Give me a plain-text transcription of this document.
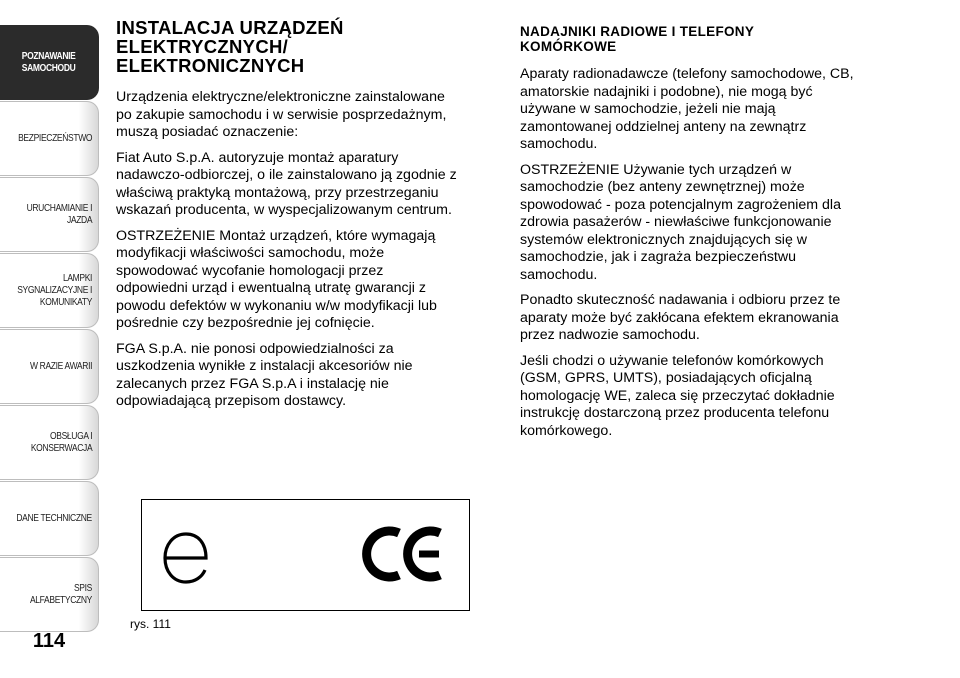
POZNAWANIE
SAMOCHODU
BEZPIECZEŃSTWO
URUCHAMIANIE I
JAZDA
LAMPKI
SYGNALIZACYJNE I
KOMUNIKATY
W RAZIE AWARII
OBSŁUGA I
KONSERWACJA
DANE TECHNICZNE
SPIS ALFABETYCZNY
114
INSTALACJA URZĄDZEŃ
ELEKTRYCZNYCH/
ELEKTRONICZNYCH

Urządzenia elektryczne/elektroniczne zainstalowane
po zakupie samochodu i w serwisie posprzedażnym,
muszą posiadać oznaczenie:

Fiat Auto S.p.A. autoryzuje montaż aparatury
nadawczo-odbiorczej, o ile zainstalowano ją zgodnie z
właściwą praktyką montażową, przy przestrzeganiu
wskazań producenta, w wyspecjalizowanym centrum.

OSTRZEŻENIE Montaż urządzeń, które wymagają
modyfikacji właściwości samochodu, może
spowodować wycofanie homologacji przez
odpowiedni urząd i ewentualną utratę gwarancji z
powodu defektów w wykonaniu w/w modyfikacji lub
pośrednie czy bezpośrednie jej cofnięcie.

FGA S.p.A. nie ponosi odpowiedzialności za
uszkodzenia wynikłe z instalacji akcesoriów nie
zalecanych przez FGA S.p.A i instalację nie
odpowiadającą przepisom dostawcy.

NADAJNIKI RADIOWE I TELEFONY
KOMÓRKOWE

Aparaty radionadawcze (telefony samochodowe, CB,
amatorskie nadajniki i podobne), nie mogą być
używane w samochodzie, jeżeli nie mają
zamontowanej oddzielnej anteny na zewnątrz
samochodu.

OSTRZEŻENIE Używanie tych urządzeń w
samochodzie (bez anteny zewnętrznej) może
spowodować - poza potencjalnym zagrożeniem dla
zdrowia pasażerów - niewłaściwe funkcjonowanie
systemów elektronicznych znajdujących się w
samochodzie, jak i zagraża bezpieczeństwu
samochodu.

Ponadto skuteczność nadawania i odbioru przez te
aparaty może być zakłócana efektem ekranowania
przez nadwozie samochodu.

Jeśli chodzi o używanie telefonów komórkowych
(GSM, GPRS, UMTS), posiadających oficjalną
homologację WE, zaleca się przeczytać dokładnie
instrukcję dostarczoną przez producenta telefonu
komórkowego.

rys. 111
